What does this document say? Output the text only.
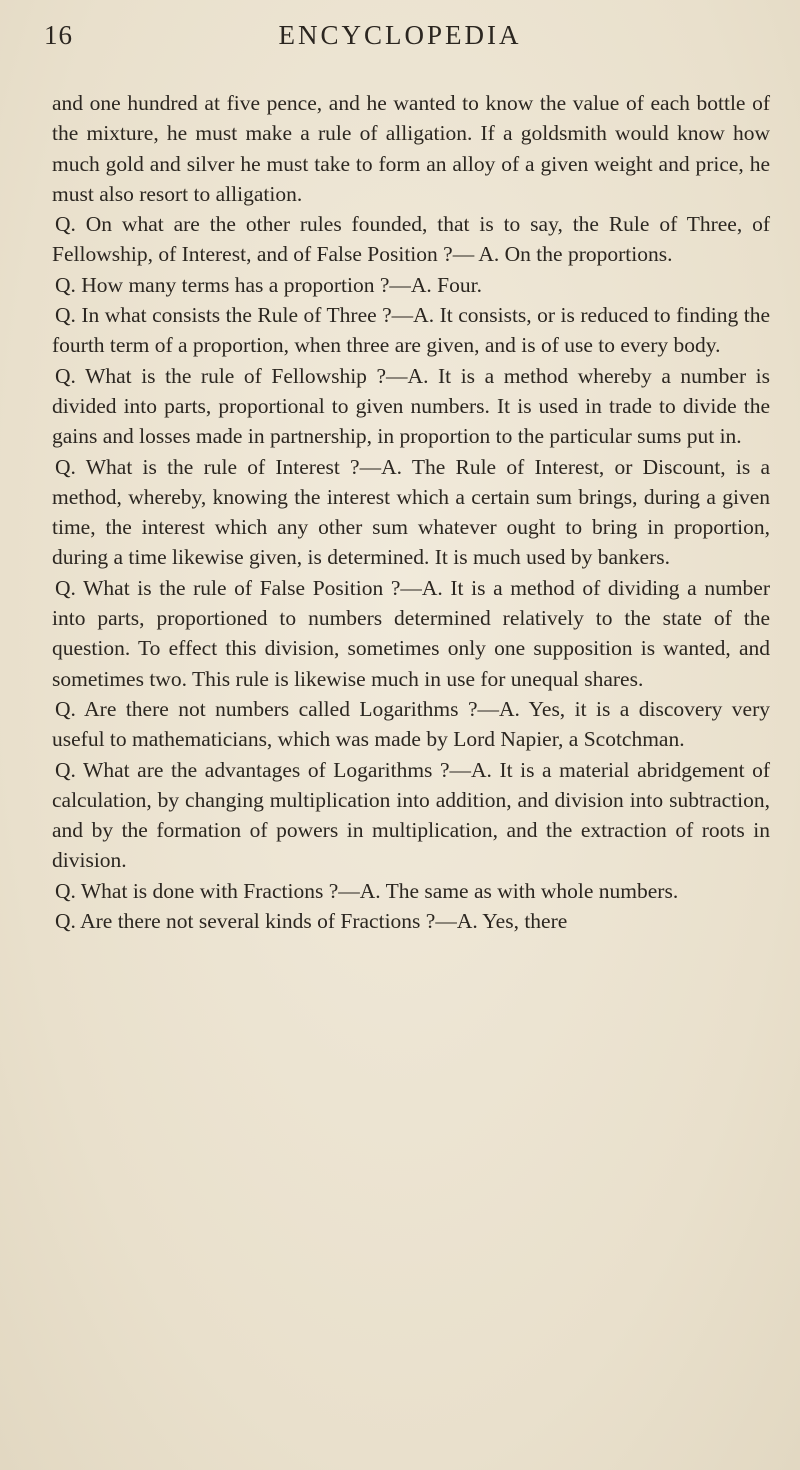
16	ENCYCLOPEDIA

and one hundred at five pence, and he wanted to know the value of each bottle of the mixture, he must make a rule of alligation. If a goldsmith would know how much gold and silver he must take to form an alloy of a given weight and price, he must also resort to alligation.

Q. On what are the other rules founded, that is to say, the Rule of Three, of Fellowship, of Interest, and of False Position ?— A. On the proportions.

Q. How many terms has a proportion ?—A. Four.

Q. In what consists the Rule of Three ?—A. It consists, or is reduced to finding the fourth term of a proportion, when three are given, and is of use to every body.

Q. What is the rule of Fellowship ?—A. It is a method whereby a number is divided into parts, proportional to given numbers. It is used in trade to divide the gains and losses made in partnership, in proportion to the particular sums put in.

Q. What is the rule of Interest ?—A. The Rule of Interest, or Discount, is a method, whereby, knowing the interest which a certain sum brings, during a given time, the interest which any other sum whatever ought to bring in proportion, during a time likewise given, is determined. It is much used by bankers.

Q. What is the rule of False Position ?—A. It is a method of dividing a number into parts, proportioned to numbers determined relatively to the state of the question. To effect this division, sometimes only one supposition is wanted, and sometimes two. This rule is likewise much in use for unequal shares.

Q. Are there not numbers called Logarithms ?—A. Yes, it is a discovery very useful to mathematicians, which was made by Lord Napier, a Scotchman.

Q. What are the advantages of Logarithms ?—A. It is a material abridgement of calculation, by changing multiplication into addition, and division into subtraction, and by the formation of powers in multiplication, and the extraction of roots in division.

Q. What is done with Fractions ?—A. The same as with whole numbers.

Q. Are there not several kinds of Fractions ?—A. Yes, there
